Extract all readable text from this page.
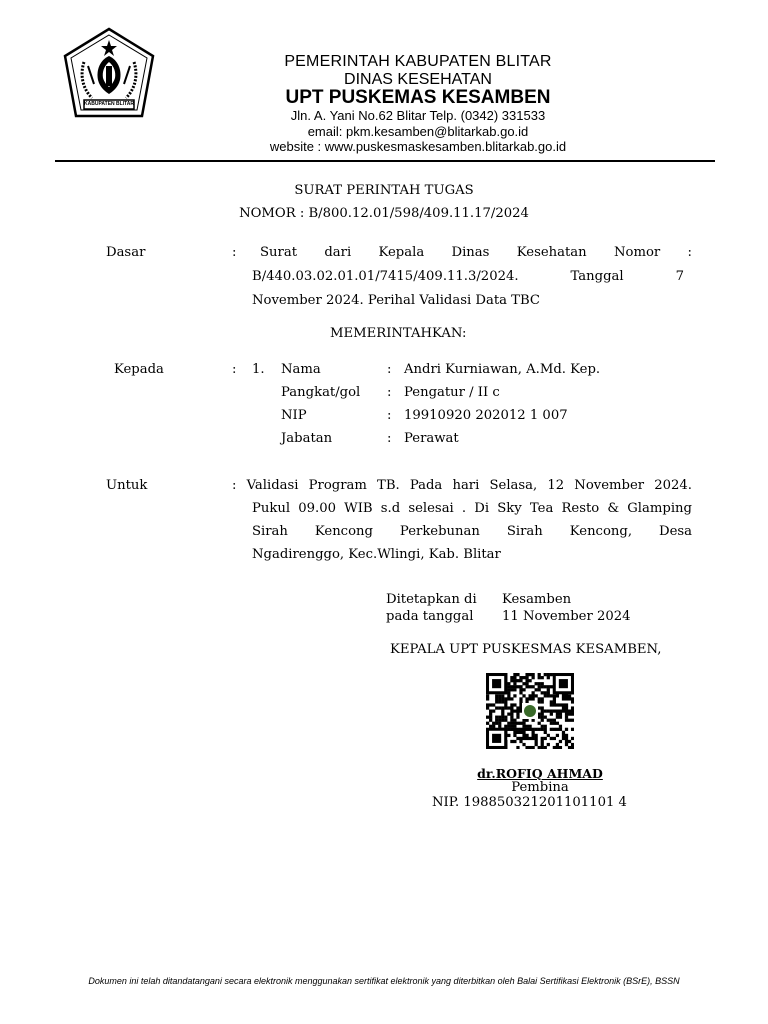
KABUPATEN BLITAR
PEMERINTAH KABUPATEN BLITAR
DINAS KESEHATAN
UPT PUSKEMAS KESAMBEN
Jln. A. Yani No.62 Blitar Telp. (0342) 331533
email: pkm.kesamben@blitarkab.go.id
website : www.puskesmaskesamben.blitarkab.go.id
SURAT PERINTAH TUGAS
NOMOR : B/800.12.01/598/409.11.17/2024
Dasar	: Surat dari Kepala Dinas Kesehatan Nomor :
B/440.03.02.01.01/7415/409.11.3/2024. Tanggal 7
November 2024. Perihal Validasi Data TBC
MEMERINTAHKAN:
Kepada	: 1. Nama	: Andri Kurniawan, A.Md. Kep.
Pangkat/gol : Pengatur / II c
NIP	: 19910920 202012 1 007
Jabatan	: Perawat
Untuk	: Validasi Program TB. Pada hari Selasa, 12 November 2024.
Pukul 09.00 WIB s.d selesai . Di Sky Tea Resto & Glamping
Sirah Kencong Perkebunan Sirah Kencong, Desa
Ngadirenggo, Kec.Wlingi, Kab. Blitar
Ditetapkan di Kesamben
pada tanggal 11 November 2024
KEPALA UPT PUSKESMAS KESAMBEN,
dr.ROFIQ AHMAD
Pembina
NIP. 198850321201101101 4
Dokumen ini telah ditandatangani secara elektronik menggunakan sertifikat elektronik yang diterbitkan oleh Balai Sertifikasi Elektronik (BSrE), BSSN
